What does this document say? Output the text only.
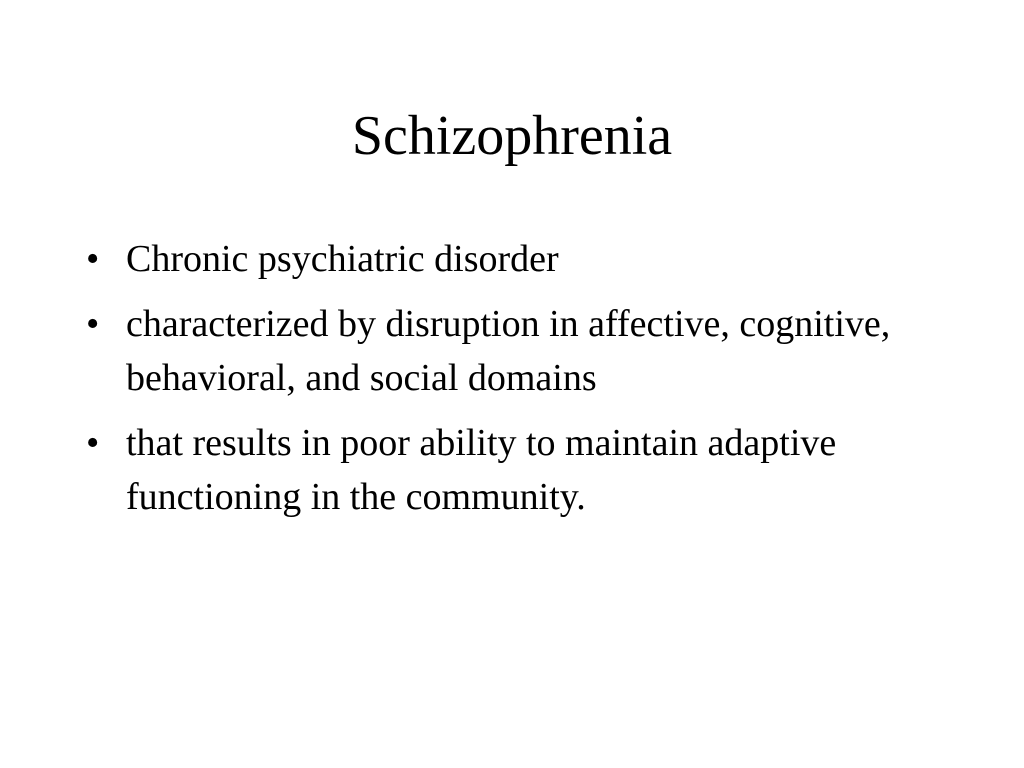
Schizophrenia
• Chronic psychiatric disorder
• characterized by disruption in affective, cognitive, behavioral, and social domains
• that results in poor ability to maintain adaptive functioning in the community.
